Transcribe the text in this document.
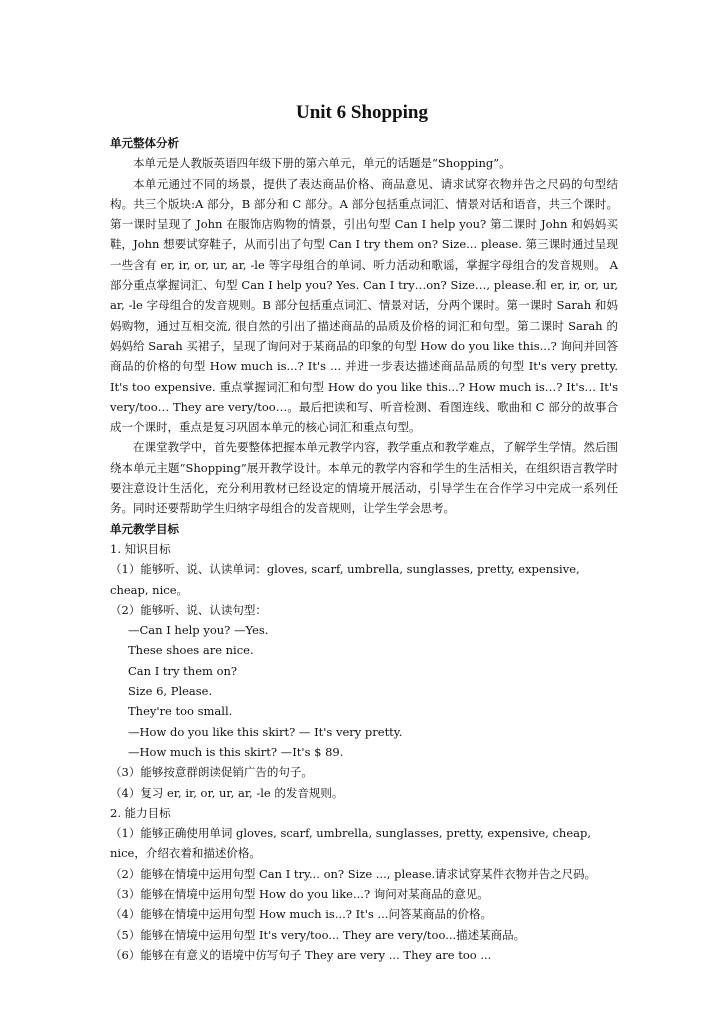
Unit 6 Shopping
单元整体分析

本单元是人教版英语四年级下册的第六单元，单元的话题是“Shopping”。

本单元通过不同的场景，提供了表达商品价格、商品意见、请求试穿衣物并告之尺码的句型结构。共三个版块:A 部分，B 部分和 C 部分。A 部分包括重点词汇、情景对话和语音，共三个课时。第一课时呈现了 John 在服饰店购物的情景，引出句型 Can I help you? 第二课时 John 和妈妈买鞋，John 想要试穿鞋子，从而引出了句型 Can I try them on? Size... please. 第三课时通过呈现一些含有 er, ir, or, ur, ar, -le 等字母组合的单词、听力活动和歌谣，掌握字母组合的发音规则。 A 部分重点掌握词汇、句型 Can I help you? Yes. Can I try…on? Size…, please.和 er, ir, or, ur, ar, -le 字母组合的发音规则。B 部分包括重点词汇、情景对话，分两个课时。第一课时 Sarah 和妈妈购物，通过互相交流, 很自然的引出了描述商品的品质及价格的词汇和句型。第二课时 Sarah 的妈妈给 Sarah 买裙子，呈现了询问对于某商品的印象的句型 How do you like this...? 询问并回答商品的价格的句型 How much is...? It's ... 并进一步表达描述商品品质的句型 It's very pretty. It's too expensive. 重点掌握词汇和句型 How do you like this...? How much is…? It's… It's very/too… They are very/too…。最后把读和写、听音检测、看图连线、歌曲和 C 部分的故事合成一个课时，重点是复习巩固本单元的核心词汇和重点句型。

在课堂教学中，首先要整体把握本单元教学内容，教学重点和教学难点，了解学生学情。然后围绕本单元主题“Shopping”展开教学设计。本单元的教学内容和学生的生活相关，在组织语言教学时要注意设计生活化，充分利用教材已经设定的情境开展活动，引导学生在合作学习中完成一系列任务。同时还要帮助学生归纳字母组合的发音规则，让学生学会思考。

单元教学目标

1. 知识目标

（1）能够听、说、认读单词：gloves, scarf, umbrella, sunglasses, pretty, expensive, cheap, nice。

（2）能够听、说、认读句型：

—Can I help you? —Yes.

These shoes are nice.

Can I try them on?

Size 6, Please.

They're too small.

—How do you like this skirt? — It's very pretty.

—How much is this skirt? —It's $ 89.

（3）能够按意群朗读促销广告的句子。

（4）复习 er, ir, or, ur, ar, -le 的发音规则。

2. 能力目标

（1）能够正确使用单词 gloves, scarf, umbrella, sunglasses, pretty, expensive, cheap, nice，介绍衣着和描述价格。

（2）能够在情境中运用句型 Can I try... on? Size ..., please.请求试穿某件衣物并告之尺码。

（3）能够在情境中运用句型 How do you like...? 询问对某商品的意见。

（4）能够在情境中运用句型 How much is...? It's ...问答某商品的价格。

（5）能够在情境中运用句型 It's very/too... They are very/too...描述某商品。

（6）能够在有意义的语境中仿写句子 They are very ... They are too ...
